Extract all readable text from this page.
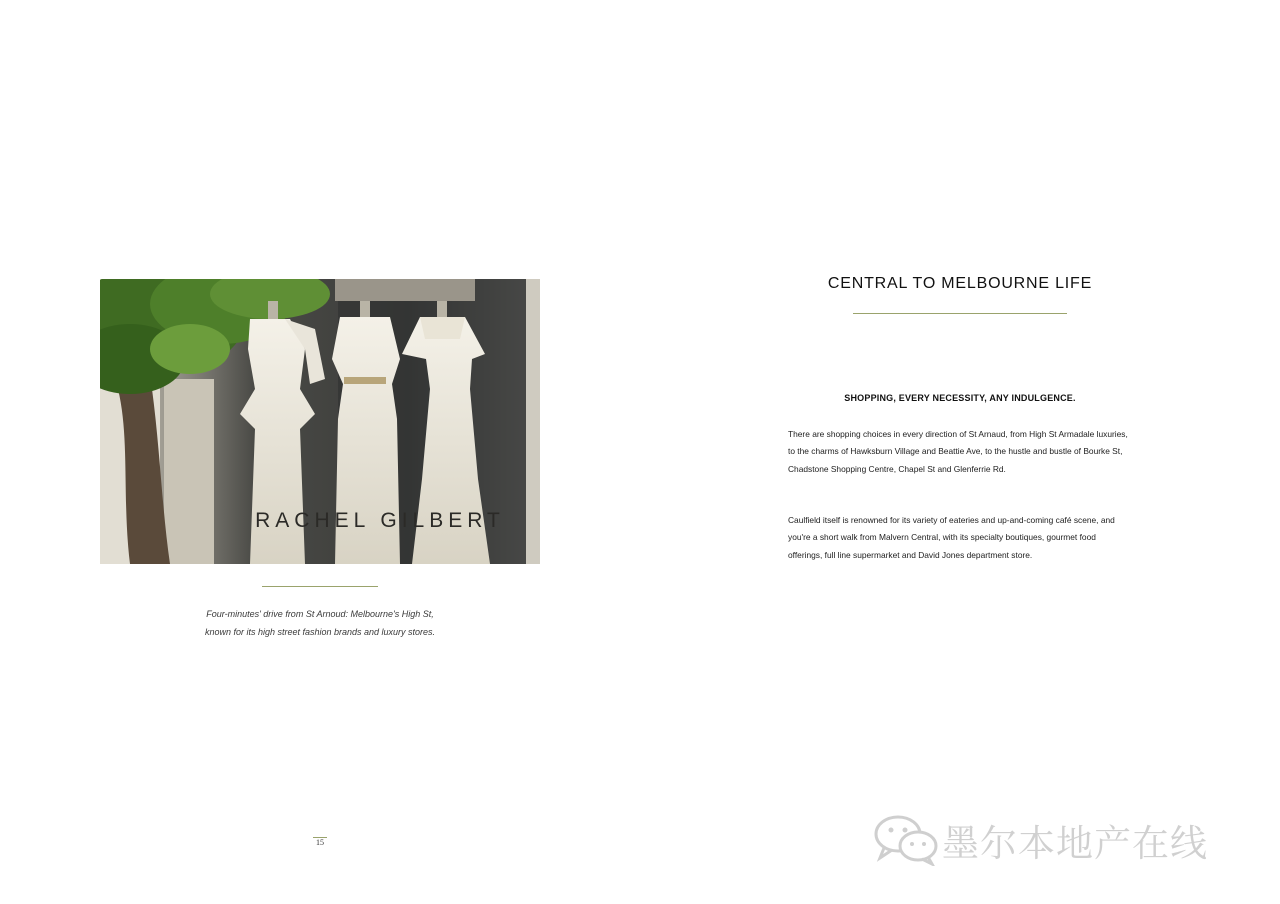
RACHEL GILBERT
Four-minutes' drive from St Arnoud: Melbourne's High St,
known for its high street fashion brands and luxury stores.
15
CENTRAL TO MELBOURNE LIFE
SHOPPING, EVERY NECESSITY, ANY INDULGENCE.
There are shopping choices in every direction of St Arnaud, from High St Armadale luxuries, to the charms of Hawksburn Village and Beattie Ave, to the hustle and bustle of Bourke St, Chadstone Shopping Centre, Chapel St and Glenferrie Rd.
Caulfield itself is renowned for its variety of eateries and up-and-coming café scene, and you're a short walk from Malvern Central, with its specialty boutiques, gourmet food offerings, full line supermarket and David Jones department store.
墨尔本地产在线
